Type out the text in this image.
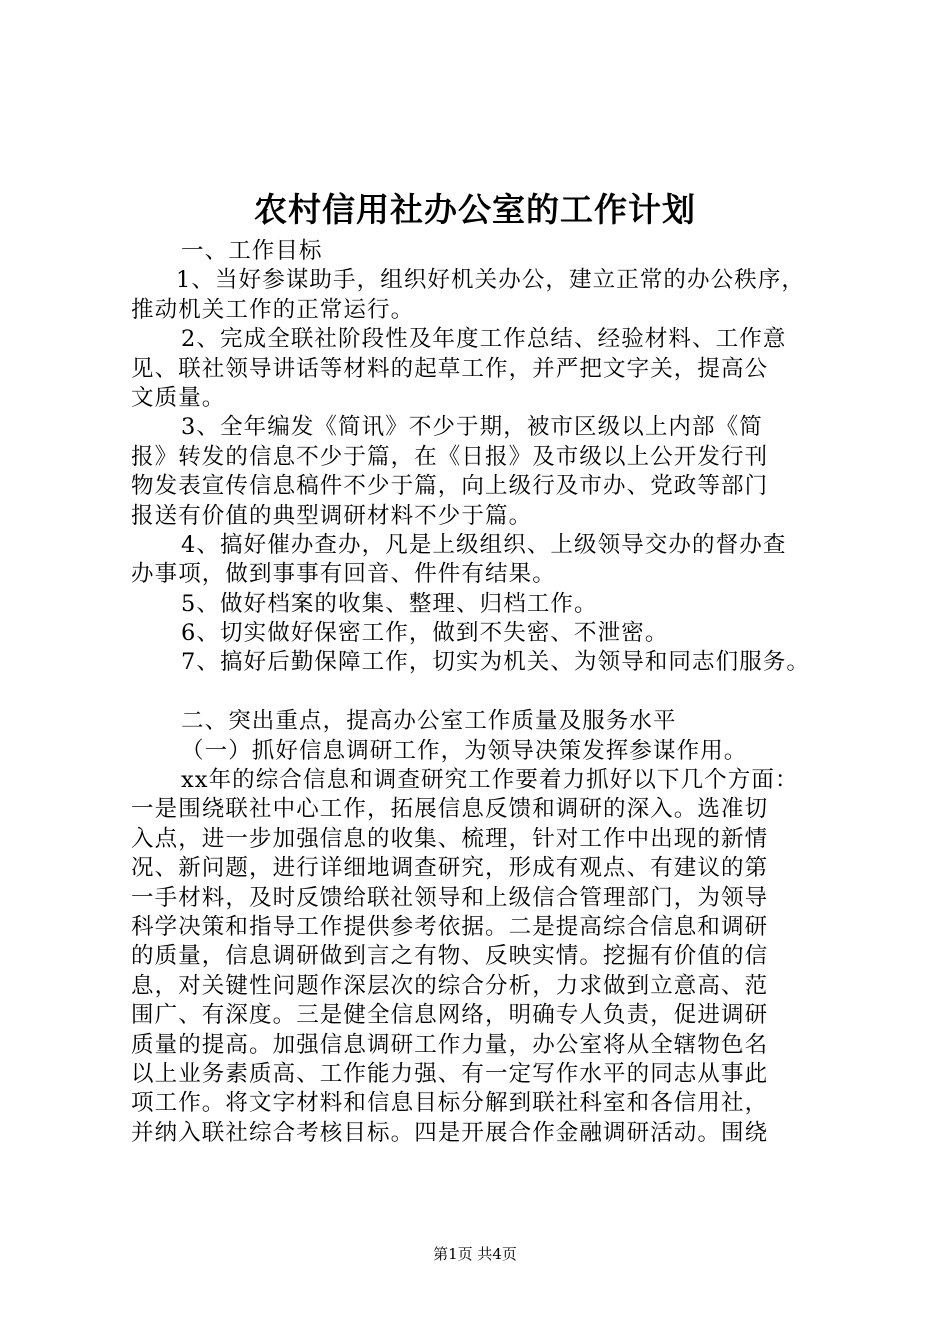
农村信用社办公室的工作计划
一、工作目标
1、当好参谋助手，组织好机关办公，建立正常的办公秩序，
推动机关工作的正常运行。
2、完成全联社阶段性及年度工作总结、经验材料、工作意
见、联社领导讲话等材料的起草工作，并严把文字关，提高公
文质量。
3、全年编发《简讯》不少于期，被市区级以上内部《简
报》转发的信息不少于篇，在《日报》及市级以上公开发行刊
物发表宣传信息稿件不少于篇，向上级行及市办、党政等部门
报送有价值的典型调研材料不少于篇。
4、搞好催办查办，凡是上级组织、上级领导交办的督办查
办事项，做到事事有回音、件件有结果。
5、做好档案的收集、整理、归档工作。
6、切实做好保密工作，做到不失密、不泄密。
7、搞好后勤保障工作，切实为机关、为领导和同志们服务。
二、突出重点，提高办公室工作质量及服务水平
（一）抓好信息调研工作，为领导决策发挥参谋作用。
xx年的综合信息和调查研究工作要着力抓好以下几个方面：
一是围绕联社中心工作，拓展信息反馈和调研的深入。选准切
入点，进一步加强信息的收集、梳理，针对工作中出现的新情
况、新问题，进行详细地调查研究，形成有观点、有建议的第
一手材料，及时反馈给联社领导和上级信合管理部门，为领导
科学决策和指导工作提供参考依据。二是提高综合信息和调研
的质量，信息调研做到言之有物、反映实情。挖掘有价值的信
息，对关键性问题作深层次的综合分析，力求做到立意高、范
围广、有深度。三是健全信息网络，明确专人负责，促进调研
质量的提高。加强信息调研工作力量，办公室将从全辖物色名
以上业务素质高、工作能力强、有一定写作水平的同志从事此
项工作。将文字材料和信息目标分解到联社科室和各信用社，
并纳入联社综合考核目标。四是开展合作金融调研活动。围绕
第1页 共4页
